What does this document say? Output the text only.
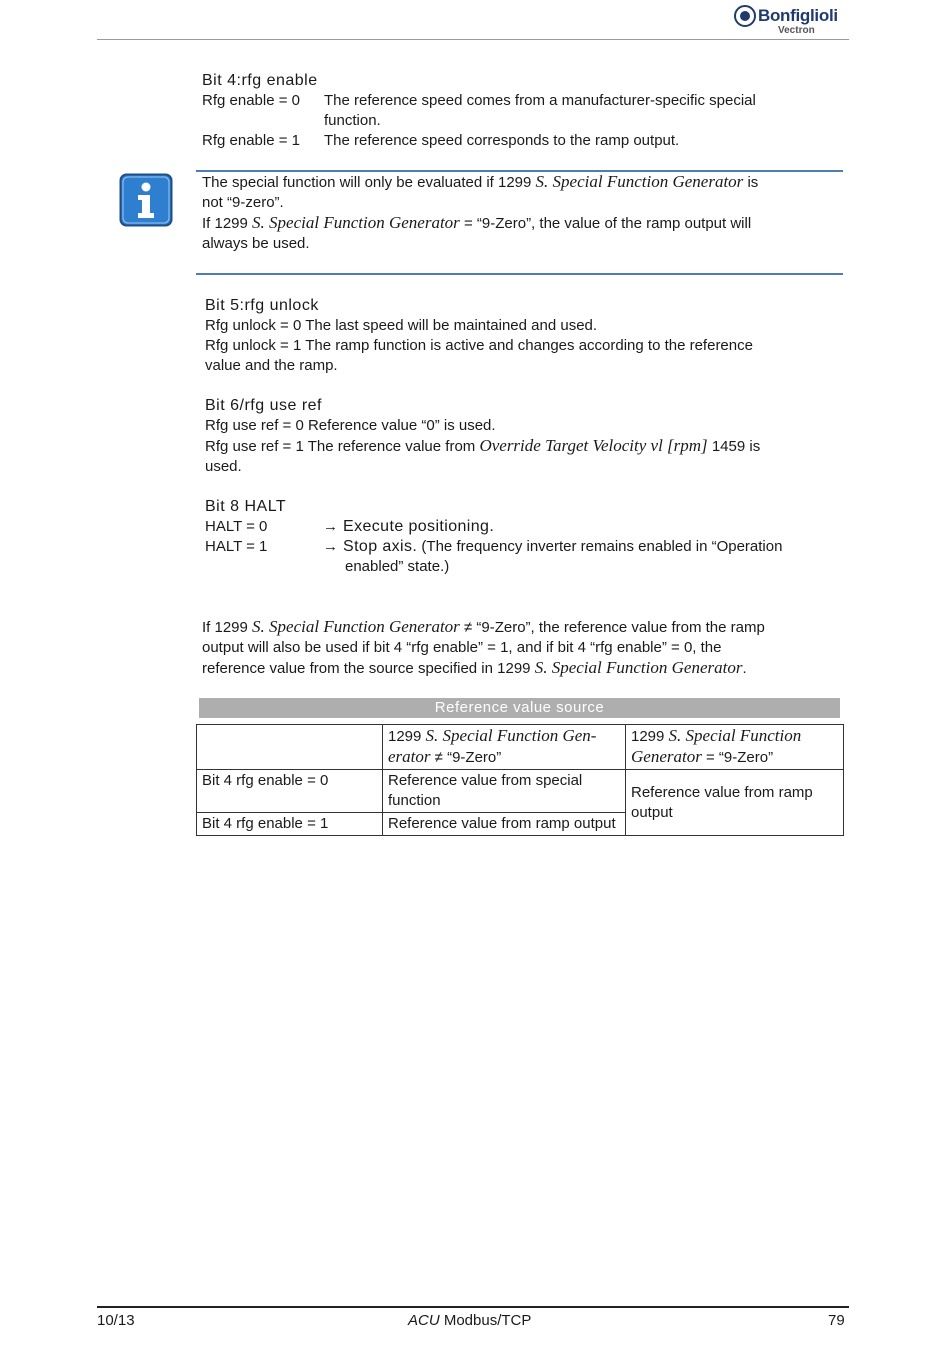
Bonfiglioli
Vectron
Bit 4:rfg enable
Rfg enable = 0 The reference speed comes from a manufacturer-specific special
function.
Rfg enable = 1 The reference speed corresponds to the ramp output.
The special function will only be evaluated if 1299 S. Special Function Generator is
not “9-zero”.
If 1299 S. Special Function Generator = “9-Zero”, the value of the ramp output will
always be used.
Bit 5:rfg unlock
Rfg unlock = 0 The last speed will be maintained and used.
Rfg unlock = 1 The ramp function is active and changes according to the reference
value and the ramp.
Bit 6/rfg use ref
Rfg use ref = 0 Reference value “0” is used.
Rfg use ref = 1 The reference value from Override Target Velocity vl [rpm] 1459 is
used.
Bit 8 HALT
HALT = 0	→ Execute positioning.
HALT = 1	→ Stop axis. (The frequency inverter remains enabled in “Operation
enabled” state.)
If 1299 S. Special Function Generator ≠ “9-Zero”, the reference value from the ramp
output will also be used if bit 4 “rfg enable” = 1, and if bit 4 “rfg enable” = 0, the
reference value from the source specified in 1299 S. Special Function Generator.
Reference value source
	1299 S. Special Function Gen-
erator ≠ “9-Zero”	1299 S. Special Function
Generator = “9-Zero”
Bit 4 rfg enable = 0	Reference value from special function	Reference value from ramp output
Bit 4 rfg enable = 1	Reference value from ramp output	
10/13	ACU Modbus/TCP	79
